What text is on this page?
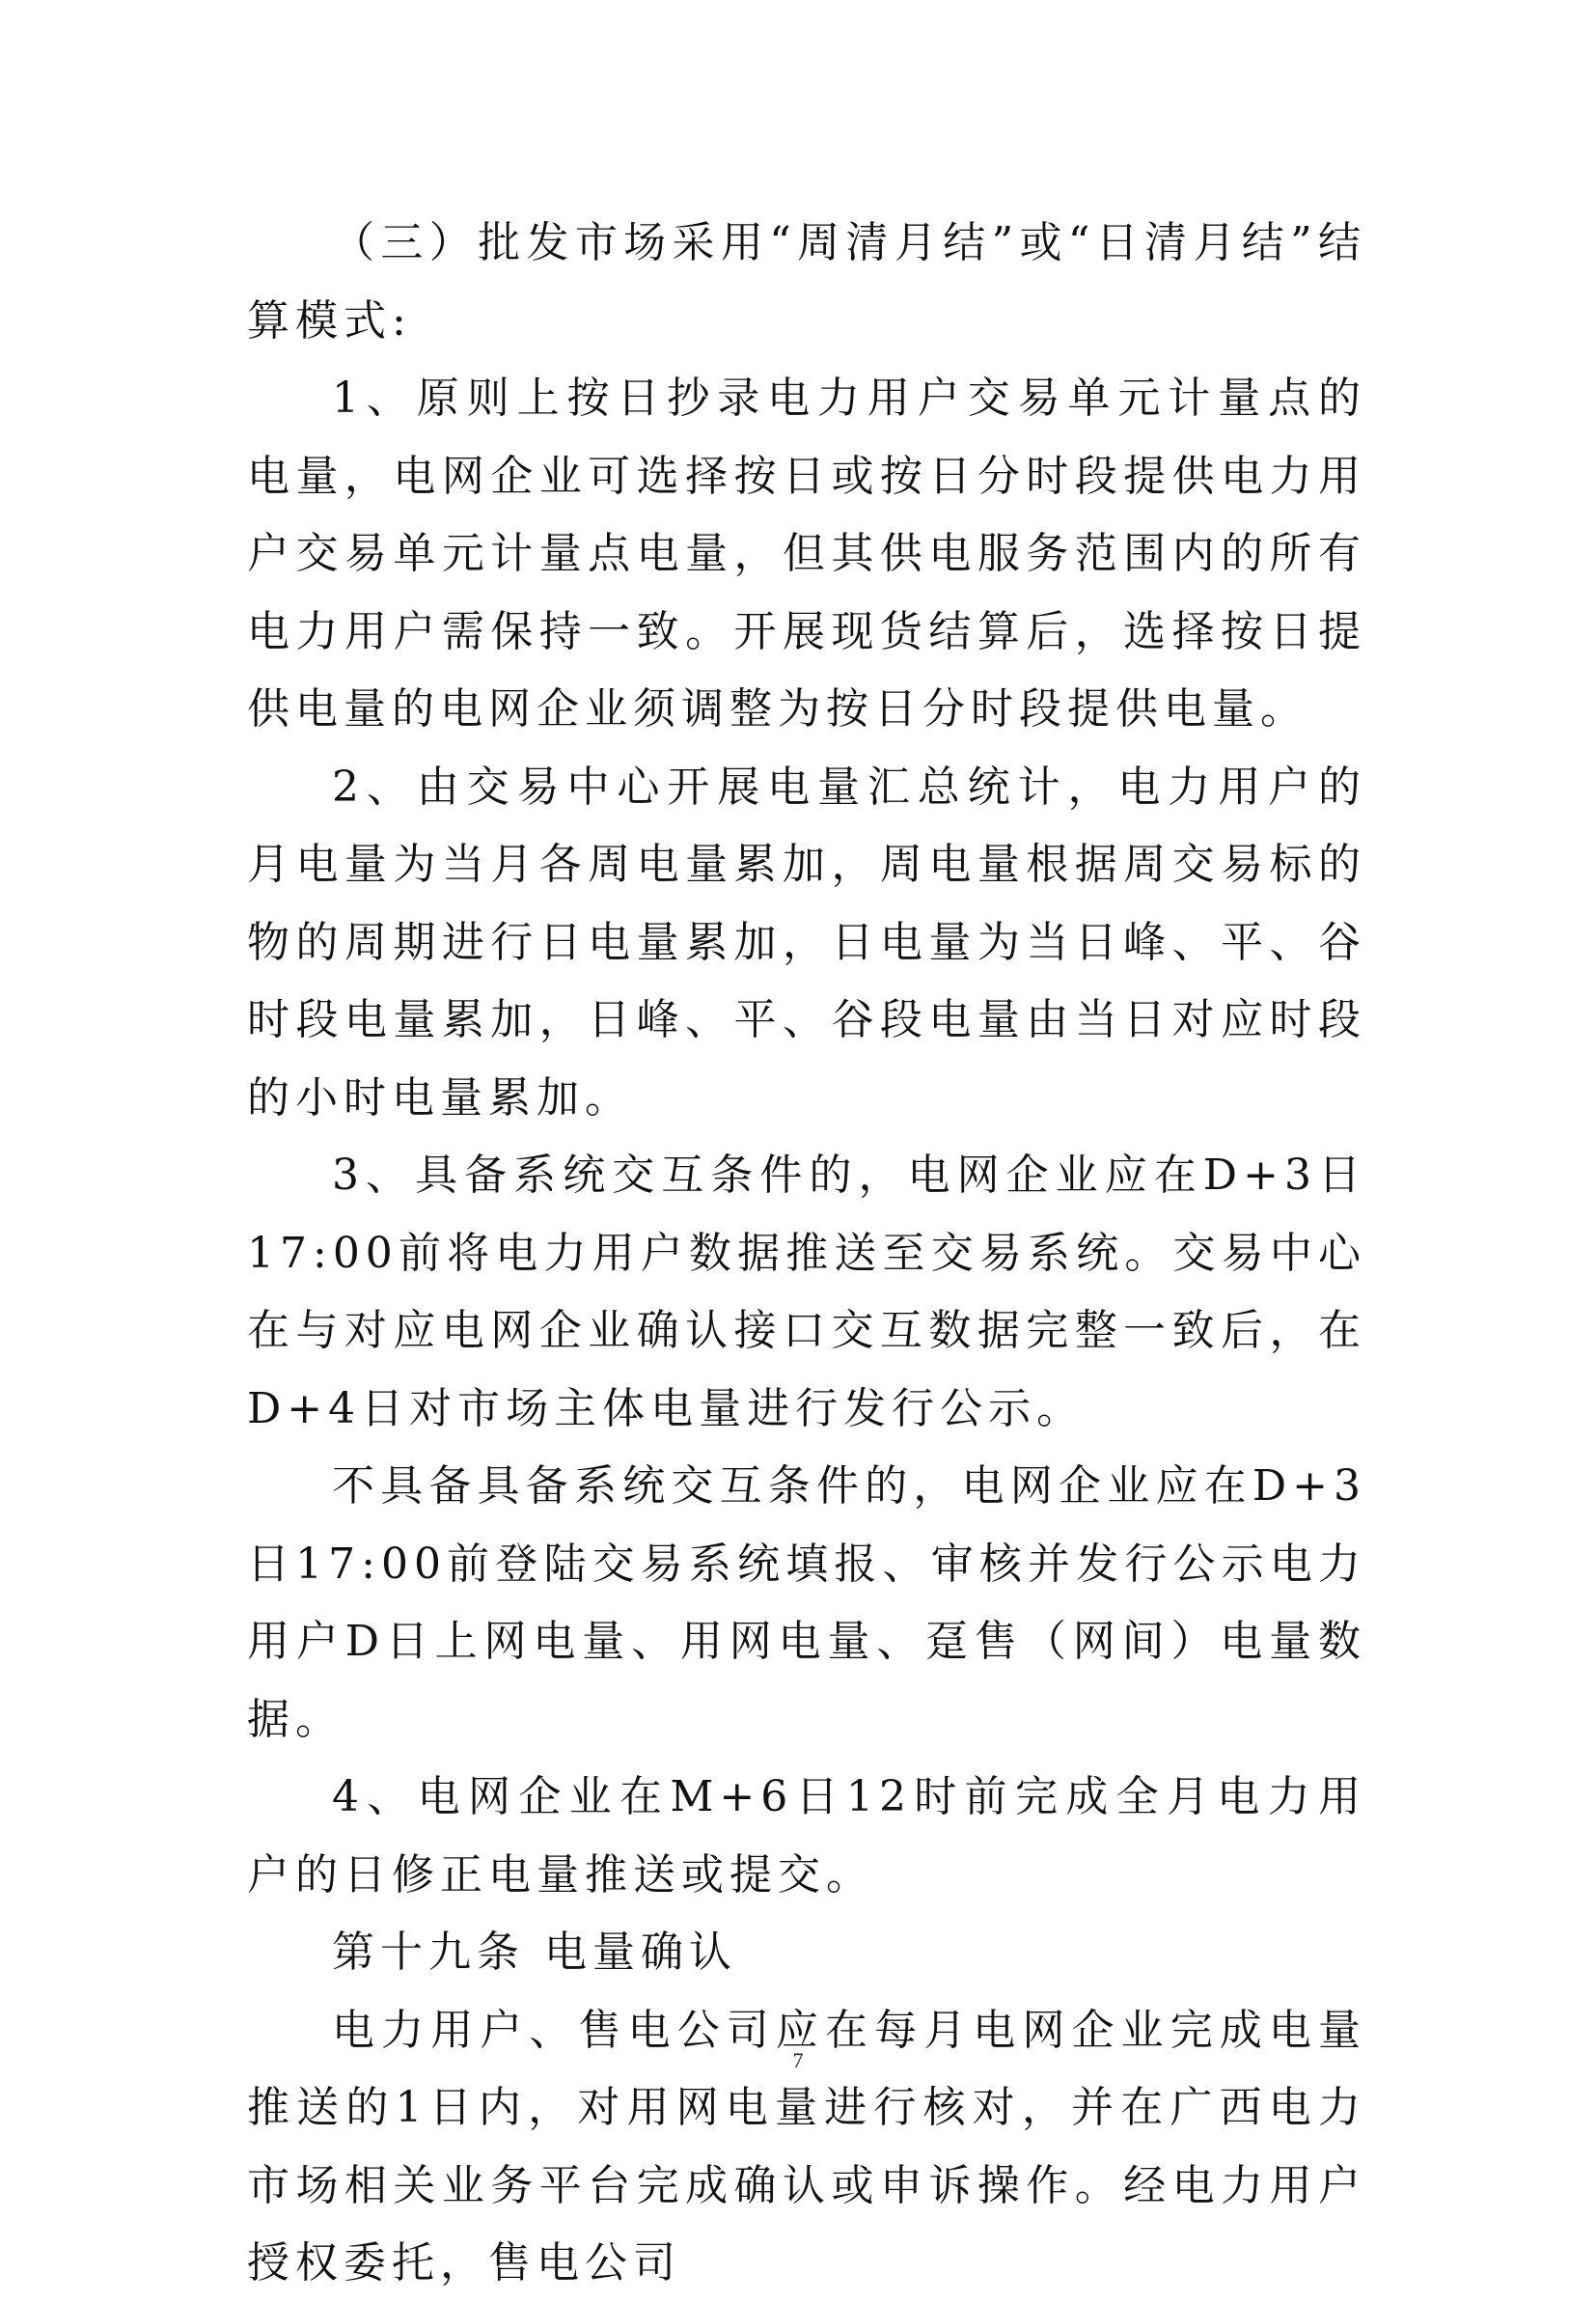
（三）批发市场采用“周清月结”或“日清月结”结算模式:

1、原则上按日抄录电力用户交易单元计量点的电量，电网企业可选择按日或按日分时段提供电力用户交易单元计量点电量，但其供电服务范围内的所有电力用户需保持一致。开展现货结算后，选择按日提供电量的电网企业须调整为按日分时段提供电量。

2、由交易中心开展电量汇总统计，电力用户的月电量为当月各周电量累加，周电量根据周交易标的物的周期进行日电量累加，日电量为当日峰、平、谷时段电量累加，日峰、平、谷段电量由当日对应时段的小时电量累加。

3、具备系统交互条件的，电网企业应在D+3日17:00前将电力用户数据推送至交易系统。交易中心在与对应电网企业确认接口交互数据完整一致后，在D+4日对市场主体电量进行发行公示。

不具备具备系统交互条件的，电网企业应在D+3日17:00前登陆交易系统填报、审核并发行公示电力用户D日上网电量、用网电量、趸售（网间）电量数据。

4、电网企业在M+6日12时前完成全月电力用户的日修正电量推送或提交。

第十九条 电量确认

电力用户、售电公司应在每月电网企业完成电量推送的1日内，对用网电量进行核对，并在广西电力市场相关业务平台完成确认或申诉操作。经电力用户授权委托，售电公司

7
